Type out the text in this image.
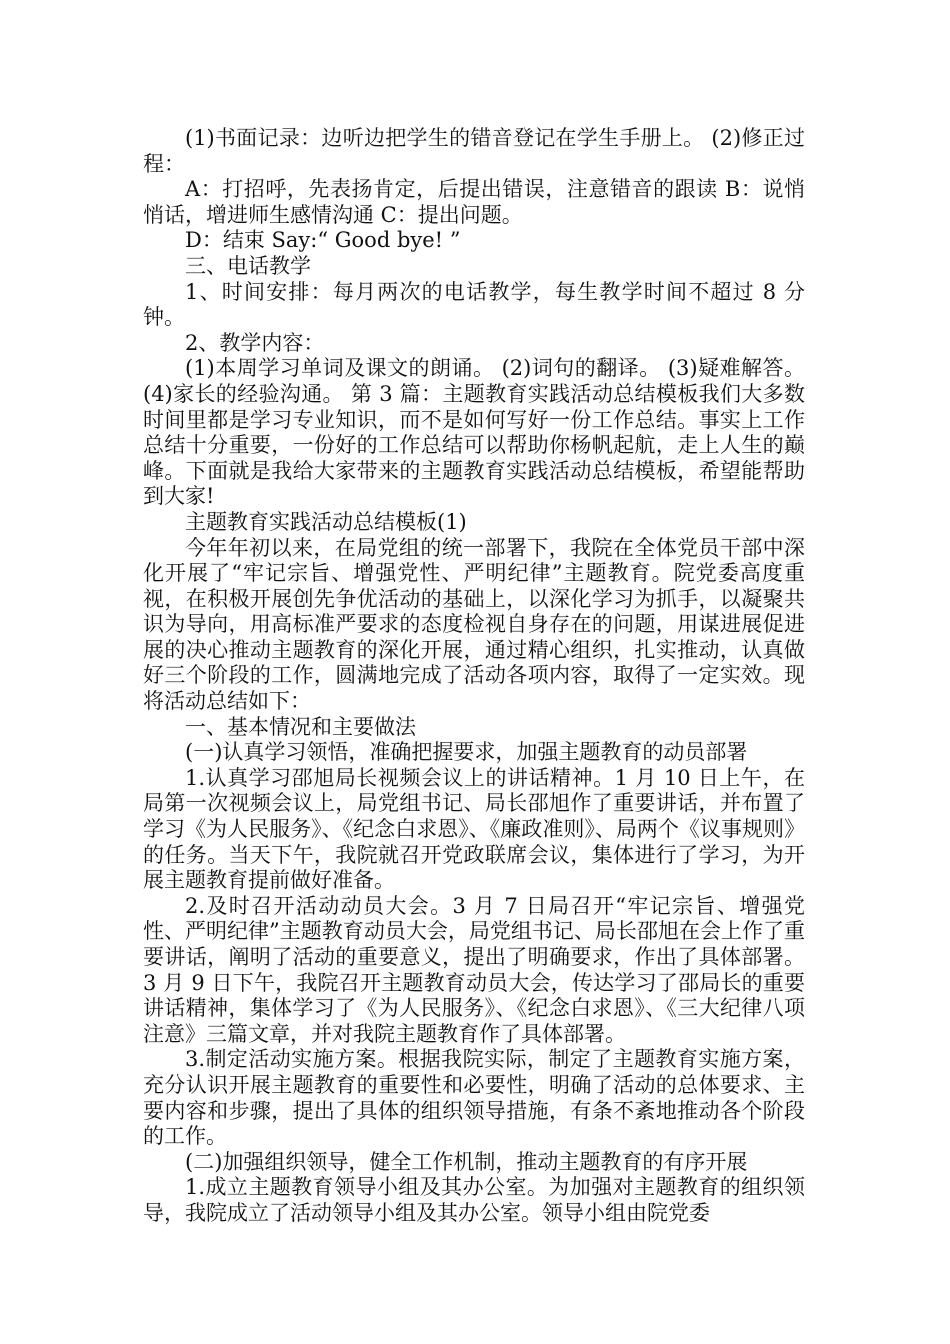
(1)书面记录：边听边把学生的错音登记在学生手册上。 (2)修正过程：

A：打招呼，先表扬肯定，后提出错误，注意错音的跟读 B：说悄悄话，增进师生感情沟通 C：提出问题。

D：结束 Say:“ Good bye! ”

三、电话教学

1、时间安排：每月两次的电话教学，每生教学时间不超过 8 分钟。

2、教学内容：

(1)本周学习单词及课文的朗诵。 (2)词句的翻译。 (3)疑难解答。 (4)家长的经验沟通。 第 3 篇：主题教育实践活动总结模板我们大多数时间里都是学习专业知识，而不是如何写好一份工作总结。事实上工作总结十分重要，一份好的工作总结可以帮助你杨帆起航，走上人生的巅峰。下面就是我给大家带来的主题教育实践活动总结模板，希望能帮助到大家!

主题教育实践活动总结模板(1)

今年年初以来，在局党组的统一部署下，我院在全体党员干部中深化开展了“牢记宗旨、增强党性、严明纪律”主题教育。院党委高度重视，在积极开展创先争优活动的基础上，以深化学习为抓手，以凝聚共识为导向，用高标准严要求的态度检视自身存在的问题，用谋进展促进展的决心推动主题教育的深化开展，通过精心组织，扎实推动，认真做好三个阶段的工作，圆满地完成了活动各项内容，取得了一定实效。现将活动总结如下：

一、基本情况和主要做法

(一)认真学习领悟，准确把握要求，加强主题教育的动员部署

1.认真学习邵旭局长视频会议上的讲话精神。1 月 10 日上午，在局第一次视频会议上，局党组书记、局长邵旭作了重要讲话，并布置了学习《为人民服务》、《纪念白求恩》、《廉政准则》、局两个《议事规则》的任务。当天下午，我院就召开党政联席会议，集体进行了学习，为开展主题教育提前做好准备。

2.及时召开活动动员大会。3 月 7 日局召开“牢记宗旨、增强党性、严明纪律”主题教育动员大会，局党组书记、局长邵旭在会上作了重要讲话，阐明了活动的重要意义，提出了明确要求，作出了具体部署。3 月 9 日下午，我院召开主题教育动员大会，传达学习了邵局长的重要讲话精神，集体学习了《为人民服务》、《纪念白求恩》、《三大纪律八项注意》三篇文章，并对我院主题教育作了具体部署。

3.制定活动实施方案。根据我院实际，制定了主题教育实施方案，充分认识开展主题教育的重要性和必要性，明确了活动的总体要求、主要内容和步骤，提出了具体的组织领导措施，有条不紊地推动各个阶段的工作。

(二)加强组织领导，健全工作机制，推动主题教育的有序开展

1.成立主题教育领导小组及其办公室。为加强对主题教育的组织领导，我院成立了活动领导小组及其办公室。领导小组由院党委
